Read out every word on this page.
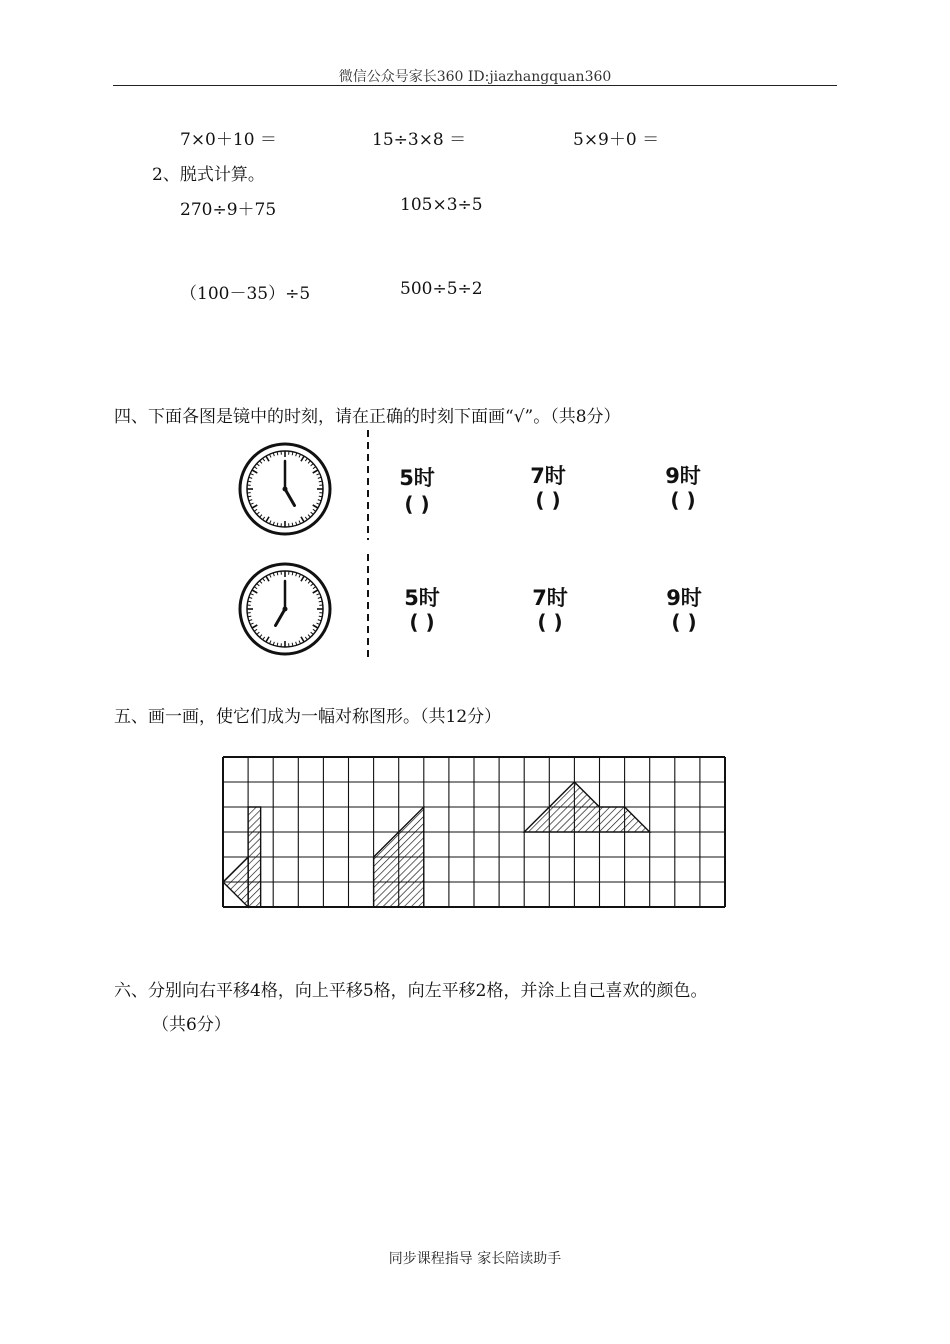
微信公众号家长360 ID:jiazhangquan360
7×0＋10 ＝	15÷3×8 ＝	5×9＋0 ＝
2、脱式计算。
270÷9＋75	105×3÷5
（100－35）÷5	500÷5÷2
四、下面各图是镜中的时刻，请在正确的时刻下面画“√”。（共8分）
5时
( )
7时
( )
9时
( )
5时
( )
7时
( )
9时
( )
五、画一画，使它们成为一幅对称图形。（共12分）
六、分别向右平移4格，向上平移5格，向左平移2格，并涂上自己喜欢的颜色。
（共6分）
同步课程指导 家长陪读助手
